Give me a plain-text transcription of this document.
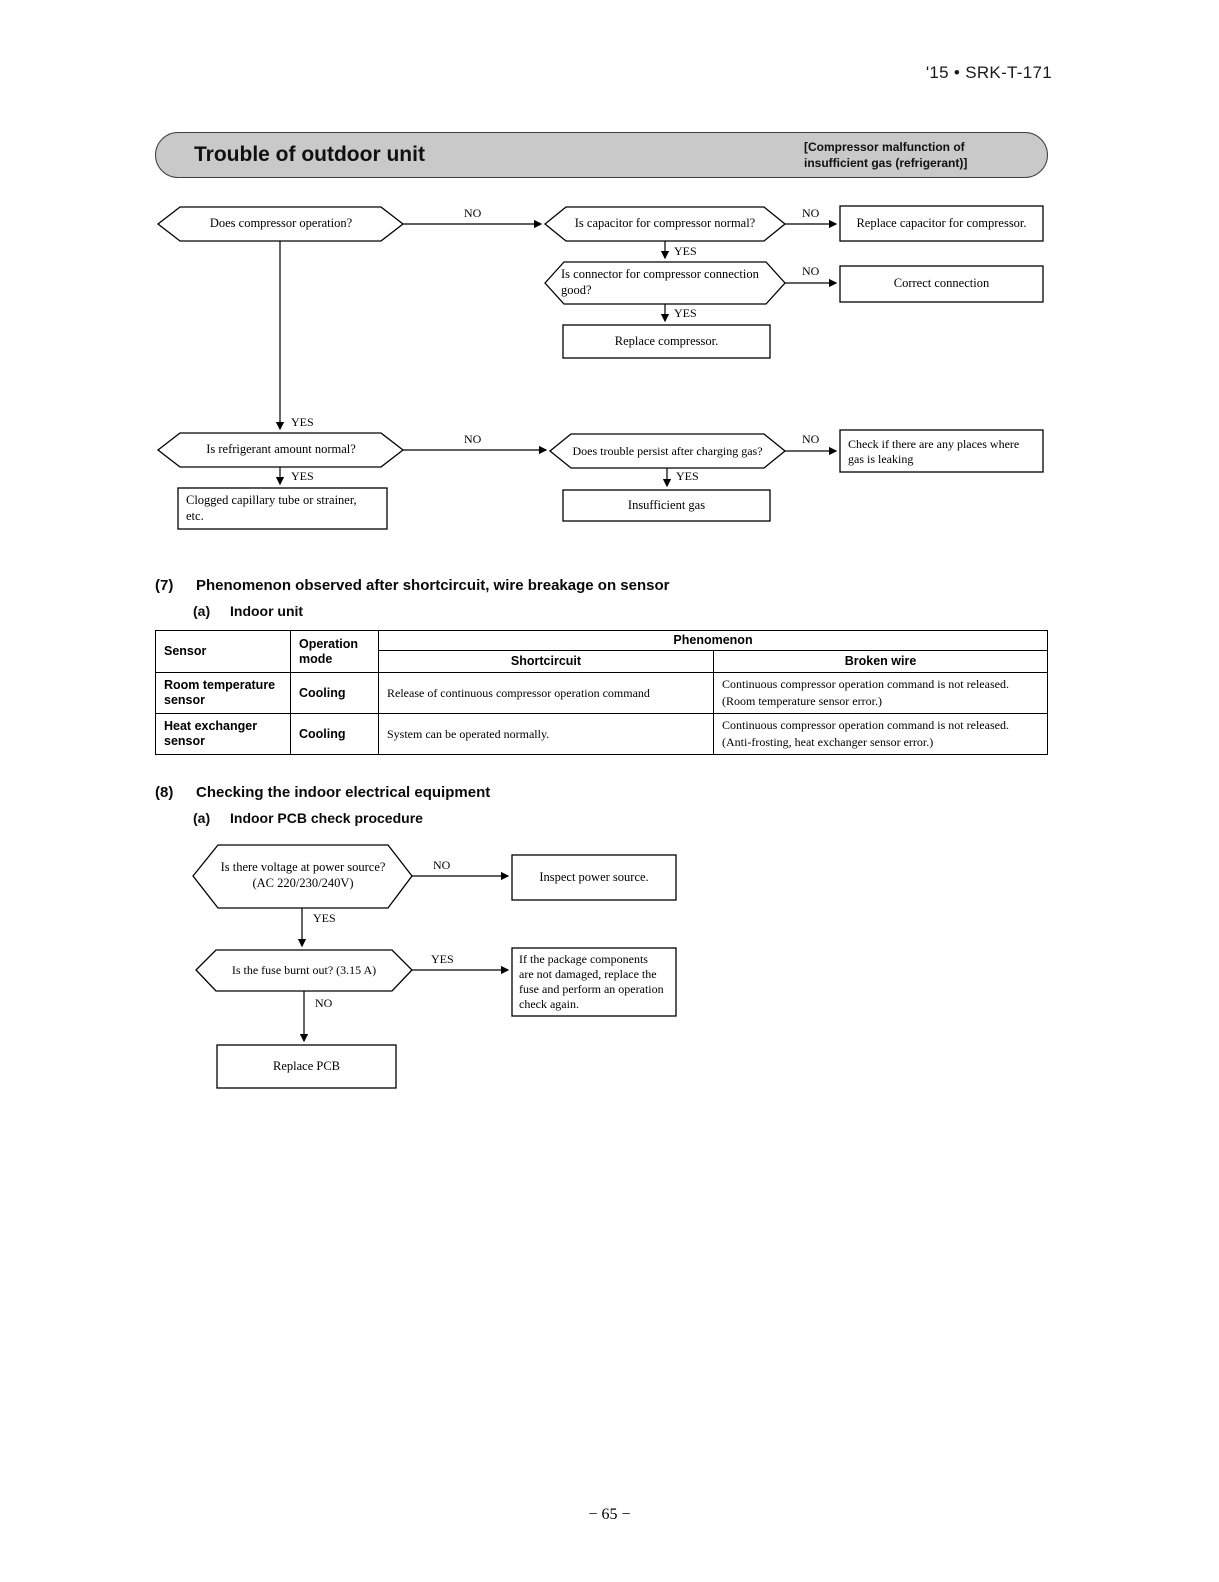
'15 • SRK-T-171
Trouble of outdoor unit	[Compressor malfunction of
insufficient gas (refrigerant)]
Does compressor operation?	Is capacitor for compressor normal?	Replace capacitor for compressor.
Is connector for compressor connection
good?	Correct connection
Replace compressor.
Is refrigerant amount normal?	Does trouble persist after charging gas?	Check if there are any places where
gas is leaking
Clogged capillary tube or strainer,
etc.
Insufficient gas
NO	NO
YES
NO
YES
YES
NO	NO
YES	YES
(7)	Phenomenon observed after shortcircuit, wire breakage on sensor
(a)	Indoor unit
Sensor	Operation mode	Phenomenon	
		Shortcircuit	Broken wire
Room temperature sensor	Cooling	Release of continuous compressor operation command	Continuous compressor operation command is not released.
(Room temperature sensor error.)

Heat exchanger sensor	Cooling	System can be operated normally.	Continuous compressor operation command is not released.
(Anti-frosting, heat exchanger sensor error.)
(8)	Checking the indoor electrical equipment
(a)	Indoor PCB check procedure
Is there voltage at power source?
(AC 220/230/240V)	Inspect power source.
Is the fuse burnt out? (3.15 A)
If the package components
are not damaged, replace the
fuse and perform an operation
check again.
Replace PCB
NO
YES
YES
NO
− 65 −
